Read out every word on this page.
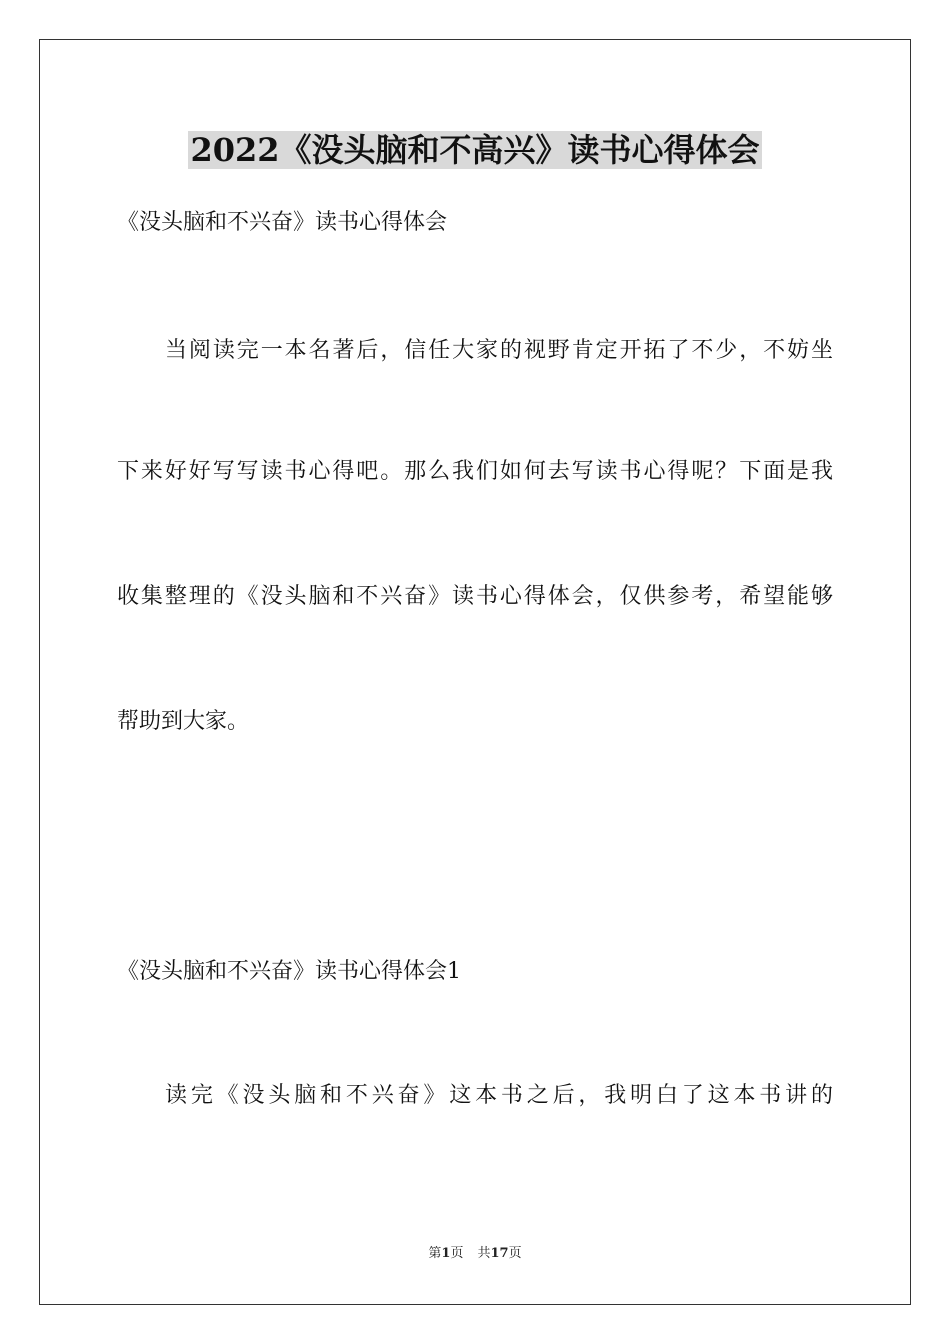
2022《没头脑和不高兴》读书心得体会

《没头脑和不兴奋》读书心得体会

当阅读完一本名著后，信任大家的视野肯定开拓了不少，不妨坐

下来好好写写读书心得吧。那么我们如何去写读书心得呢？下面是我

收集整理的《没头脑和不兴奋》读书心得体会，仅供参考，希望能够

帮助到大家。

《没头脑和不兴奋》读书心得体会1

读完《没头脑和不兴奋》这本书之后，我明白了这本书讲的

第1页 共17页
